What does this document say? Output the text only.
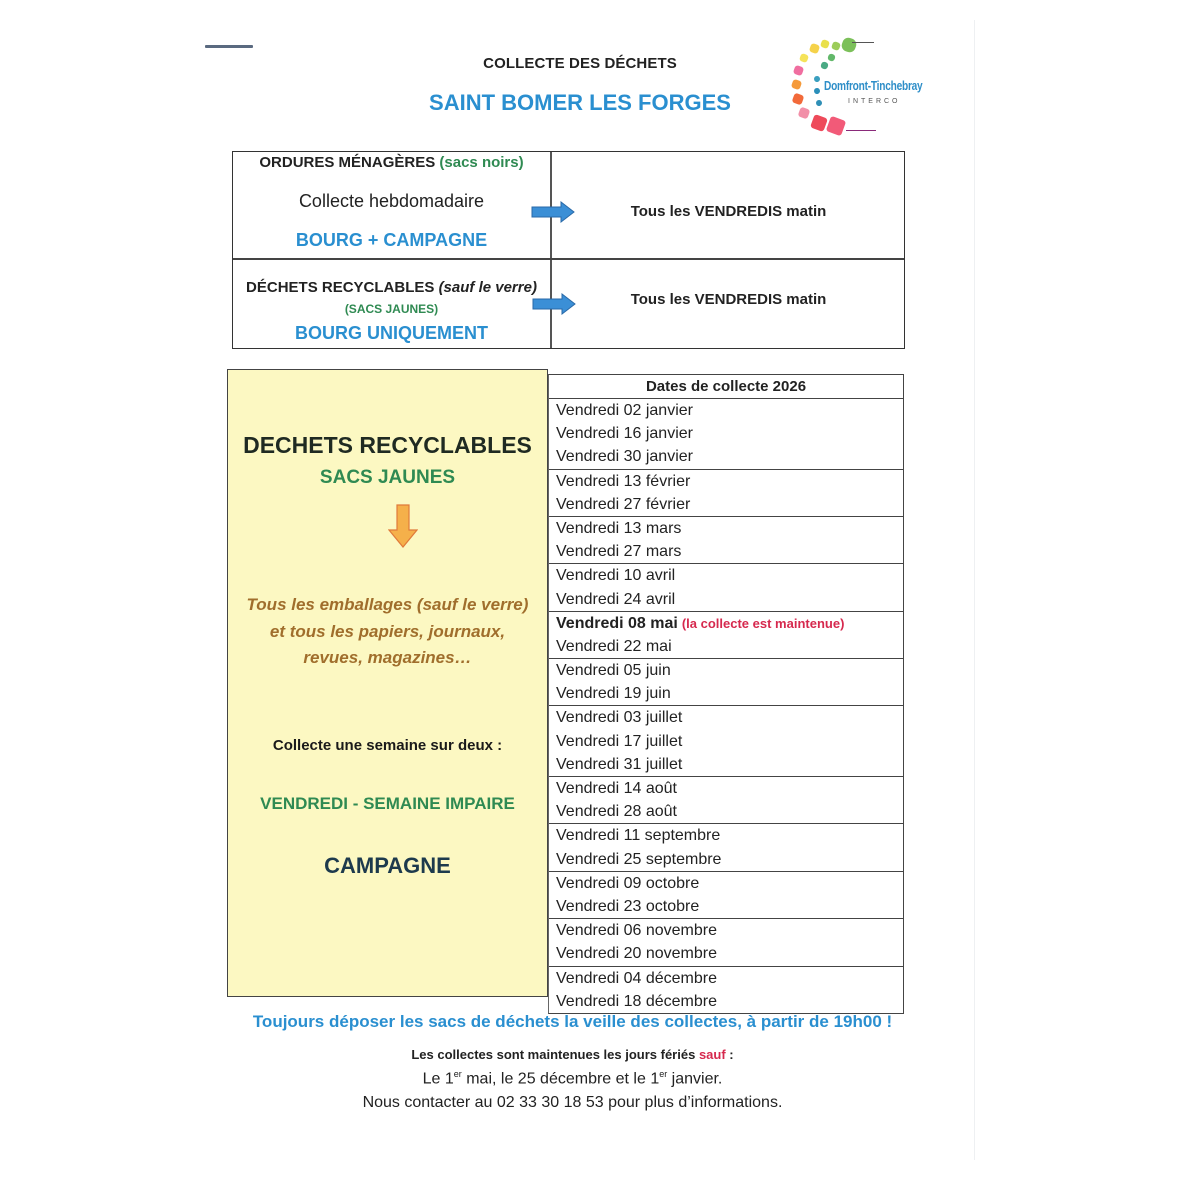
COLLECTE DES DÉCHETS
SAINT BOMER LES FORGES
Domfront-Tinchebray
INTERCO
ORDURES MÉNAGÈRES (sacs noirs)
Collecte hebdomadaire
BOURG + CAMPAGNE
Tous les VENDREDIS matin
DÉCHETS RECYCLABLES (sauf le verre)
(SACS JAUNES)
BOURG UNIQUEMENT
Tous les VENDREDIS matin
DECHETS RECYCLABLES
SACS JAUNES
Tous les emballages (sauf le verre)
et tous les papiers, journaux,
revues, magazines…
Collecte une semaine sur deux :
VENDREDI - SEMAINE IMPAIRE
CAMPAGNE
Dates de collecte 2026
Vendredi 02 janvier
Vendredi 16 janvier
Vendredi 30 janvier
Vendredi 13 février
Vendredi 27 février
Vendredi 13 mars
Vendredi 27 mars
Vendredi 10 avril
Vendredi 24 avril
Vendredi 08 mai (la collecte est maintenue)
Vendredi 22 mai
Vendredi 05 juin
Vendredi 19 juin
Vendredi 03 juillet
Vendredi 17 juillet
Vendredi 31 juillet
Vendredi 14 août
Vendredi 28 août
Vendredi 11 septembre
Vendredi 25 septembre
Vendredi 09 octobre
Vendredi 23 octobre
Vendredi 06 novembre
Vendredi 20 novembre
Vendredi 04 décembre
Vendredi 18 décembre
Toujours déposer les sacs de déchets la veille des collectes, à partir de 19h00 !
Les collectes sont maintenues les jours fériés sauf :
Le 1er mai, le 25 décembre et le 1er janvier.
Nous contacter au 02 33 30 18 53 pour plus d’informations.
